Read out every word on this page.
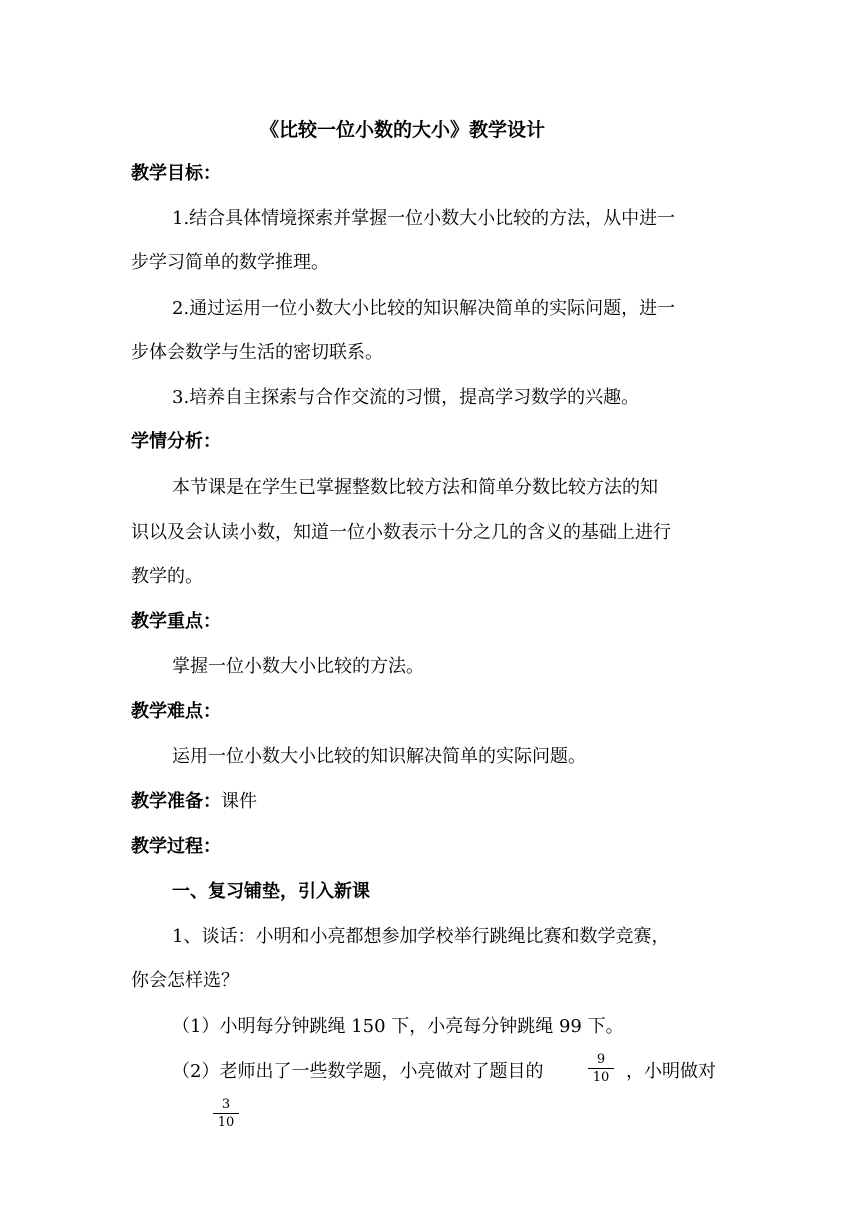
《比较一位小数的大小》教学设计
教学目标：
1.结合具体情境探索并掌握一位小数大小比较的方法，从中进一
步学习简单的数学推理。
2.通过运用一位小数大小比较的知识解决简单的实际问题，进一
步体会数学与生活的密切联系。
3.培养自主探索与合作交流的习惯，提高学习数学的兴趣。
学情分析：
本节课是在学生已掌握整数比较方法和简单分数比较方法的知
识以及会认读小数，知道一位小数表示十分之几的含义的基础上进行
教学的。
教学重点：
掌握一位小数大小比较的方法。
教学难点：
运用一位小数大小比较的知识解决简单的实际问题。
教学准备：课件
教学过程：
一、复习铺垫，引入新课
1、谈话：小明和小亮都想参加学校举行跳绳比赛和数学竞赛，
你会怎样选？
（1）小明每分钟跳绳 150 下，小亮每分钟跳绳 99 下。
（2）老师出了一些数学题，小亮做对了题目的
9
10 ，小明做对
3
10
